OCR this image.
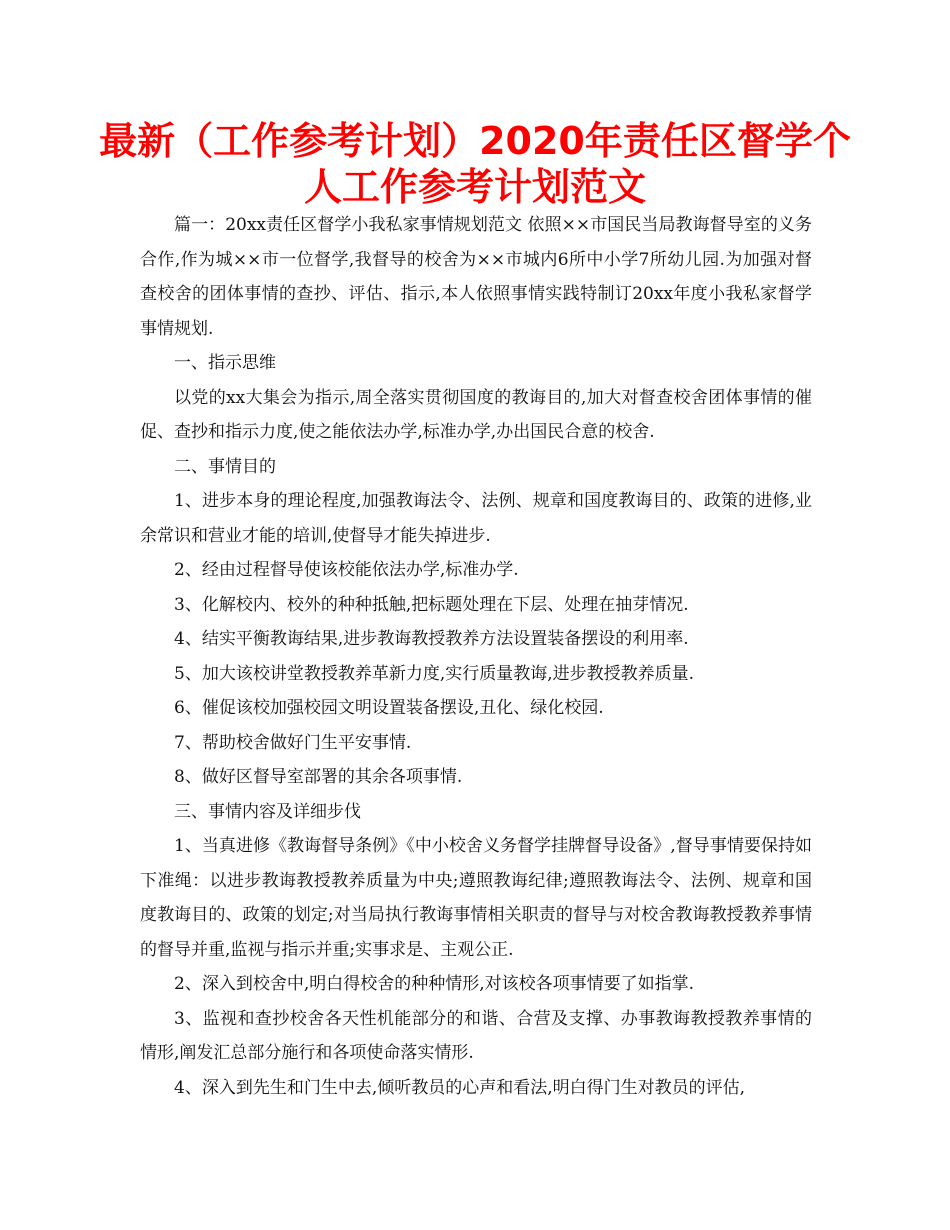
最新（工作参考计划）2020年责任区督学个人工作参考计划范文

篇一：20xx责任区督学小我私家事情规划范文 依照××市国民当局教诲督导室的义务合作,作为城××市一位督学,我督导的校舍为××市城内6所中小学7所幼儿园.为加强对督查校舍的团体事情的查抄、评估、指示,本人依照事情实践特制订20xx年度小我私家督学事情规划.

一、指示思维

以党的xx大集会为指示,周全落实贯彻国度的教诲目的,加大对督查校舍团体事情的催促、查抄和指示力度,使之能依法办学,标准办学,办出国民合意的校舍.

二、事情目的

1、进步本身的理论程度,加强教诲法令、法例、规章和国度教诲目的、政策的进修,业余常识和营业才能的培训,使督导才能失掉进步.

2、经由过程督导使该校能依法办学,标准办学.

3、化解校内、校外的种种抵触,把标题处理在下层、处理在抽芽情况.

4、结实平衡教诲结果,进步教诲教授教养方法设置装备摆设的利用率.

5、加大该校讲堂教授教养革新力度,实行质量教诲,进步教授教养质量.

6、催促该校加强校园文明设置装备摆设,丑化、绿化校园.

7、帮助校舍做好门生平安事情.

8、做好区督导室部署的其余各项事情.

三、事情内容及详细步伐

1、当真进修《教诲督导条例》《中小校舍义务督学挂牌督导设备》,督导事情要保持如下准绳：以进步教诲教授教养质量为中央;遵照教诲纪律;遵照教诲法令、法例、规章和国度教诲目的、政策的划定;对当局执行教诲事情相关职责的督导与对校舍教诲教授教养事情的督导并重,监视与指示并重;实事求是、主观公正.

2、深入到校舍中,明白得校舍的种种情形,对该校各项事情要了如指掌.

3、监视和查抄校舍各天性机能部分的和谐、合营及支撑、办事教诲教授教养事情的情形,阐发汇总部分施行和各项使命落实情形.

4、深入到先生和门生中去,倾听教员的心声和看法,明白得门生对教员的评估,
